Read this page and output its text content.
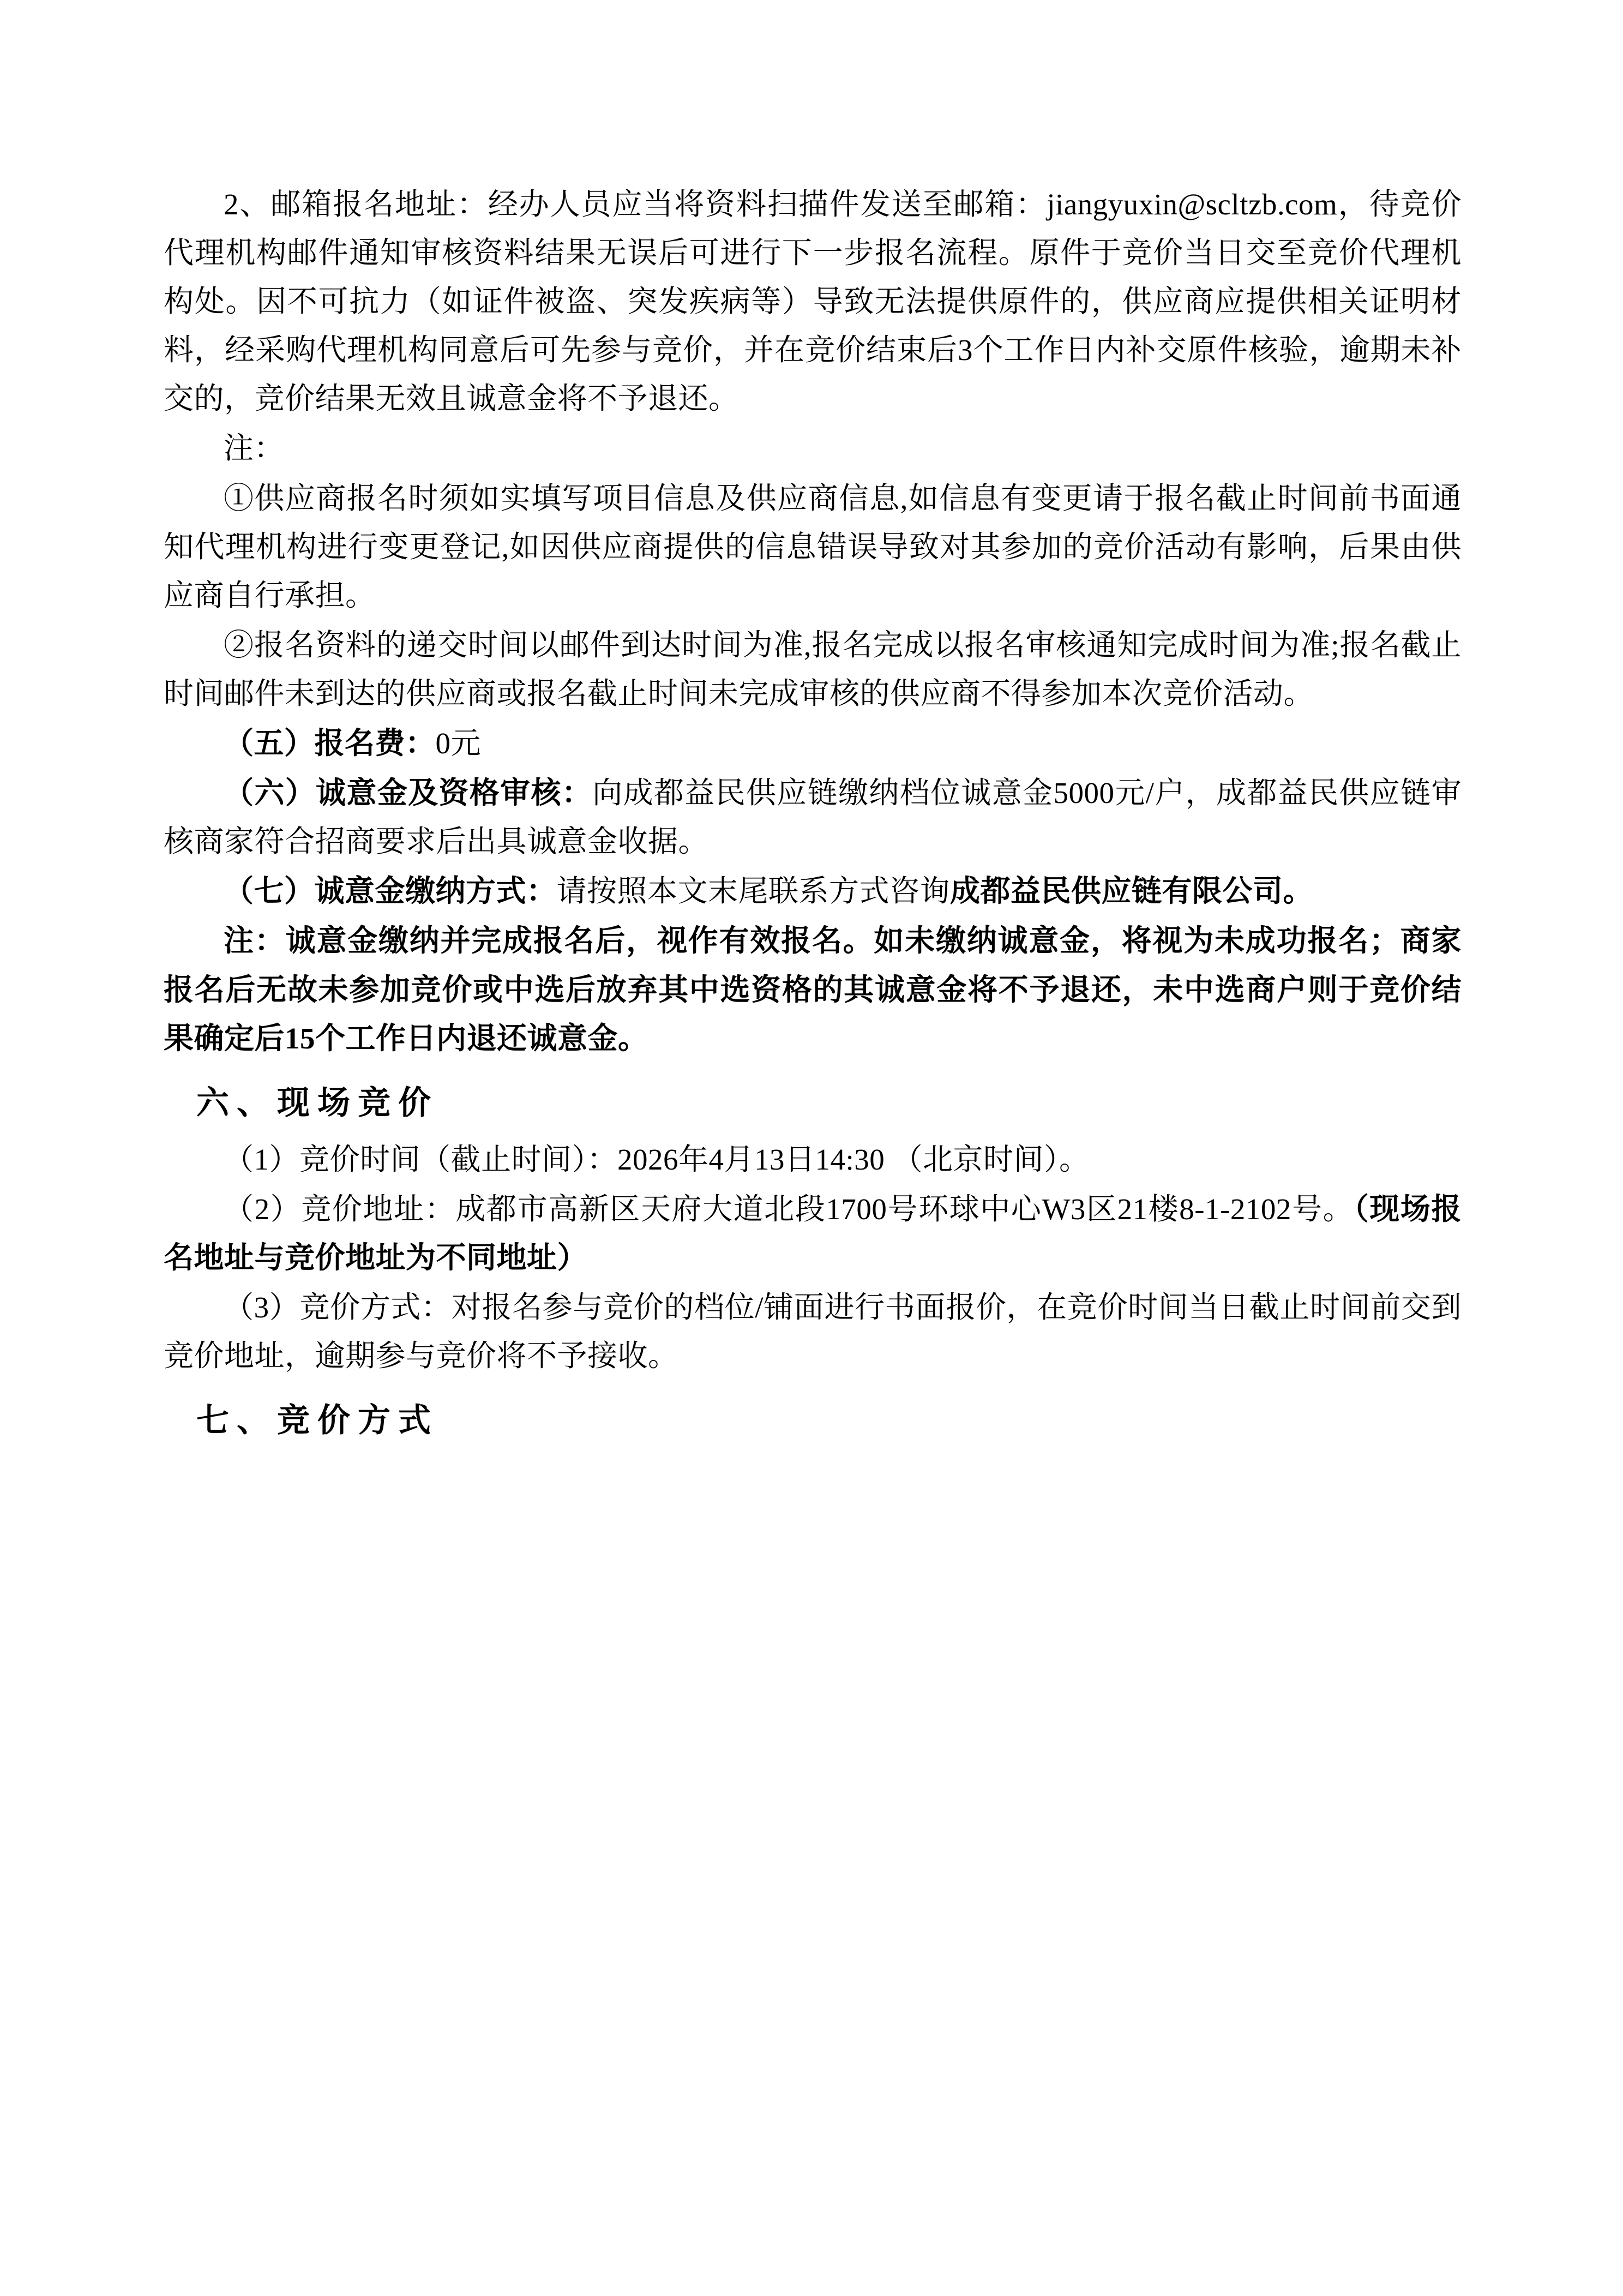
2、邮箱报名地址：经办人员应当将资料扫描件发送至邮箱：jiangyuxin@scltzb.com，待竞价代理机构邮件通知审核资料结果无误后可进行下一步报名流程。原件于竞价当日交至竞价代理机构处。因不可抗力（如证件被盗、突发疾病等）导致无法提供原件的，供应商应提供相关证明材料，经采购代理机构同意后可先参与竞价，并在竞价结束后3个工作日内补交原件核验，逾期未补交的，竞价结果无效且诚意金将不予退还。

注：

①供应商报名时须如实填写项目信息及供应商信息,如信息有变更请于报名截止时间前书面通知代理机构进行变更登记,如因供应商提供的信息错误导致对其参加的竞价活动有影响，后果由供应商自行承担。

②报名资料的递交时间以邮件到达时间为准,报名完成以报名审核通知完成时间为准;报名截止时间邮件未到达的供应商或报名截止时间未完成审核的供应商不得参加本次竞价活动。

（五）报名费：0元

（六）诚意金及资格审核：向成都益民供应链缴纳档位诚意金5000元/户，成都益民供应链审核商家符合招商要求后出具诚意金收据。

（七）诚意金缴纳方式：请按照本文末尾联系方式咨询成都益民供应链有限公司。

注：诚意金缴纳并完成报名后，视作有效报名。如未缴纳诚意金，将视为未成功报名；商家报名后无故未参加竞价或中选后放弃其中选资格的其诚意金将不予退还，未中选商户则于竞价结果确定后15个工作日内退还诚意金。

六、现场竞价

（1）竞价时间（截止时间）：2026年4月13日14:30 （北京时间）。

（2）竞价地址：成都市高新区天府大道北段1700号环球中心W3区21楼8-1-2102号。（现场报名地址与竞价地址为不同地址）

（3）竞价方式：对报名参与竞价的档位/铺面进行书面报价，在竞价时间当日截止时间前交到竞价地址，逾期参与竞价将不予接收。

七、竞价方式
